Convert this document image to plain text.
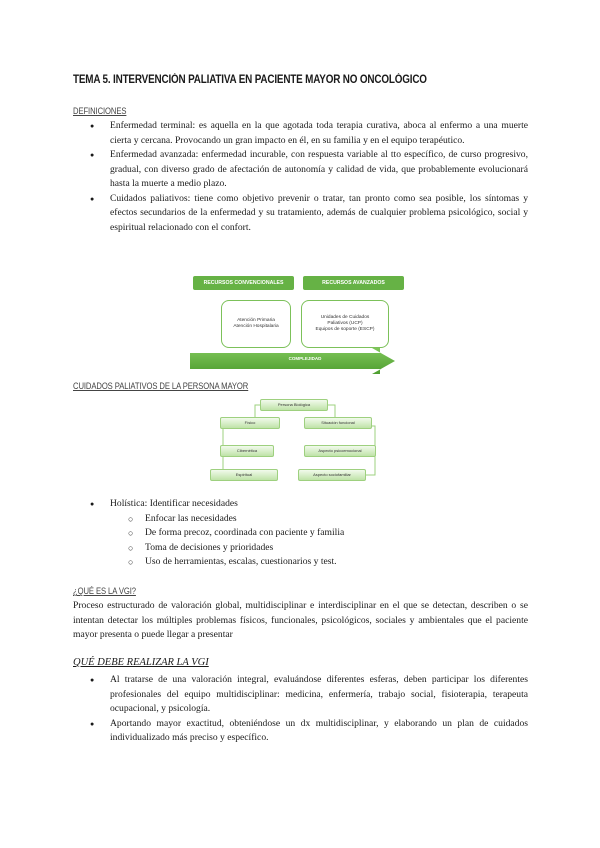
TEMA 5. INTERVENCIÓN PALIATIVA EN PACIENTE MAYOR NO ONCOLÓGICO
DEFINICIONES
● Enfermedad terminal: es aquella en la que agotada toda terapia curativa, aboca al enfermo a una muerte cierta y cercana. Provocando un gran impacto en él, en su familia y en el equipo terapéutico.
● Enfermedad avanzada: enfermedad incurable, con respuesta variable al tto específico, de curso progresivo, gradual, con diverso grado de afectación de autonomía y calidad de vida, que probablemente evolucionará hasta la muerte a medio plazo.
● Cuidados paliativos: tiene como objetivo prevenir o tratar, tan pronto como sea posible, los síntomas y efectos secundarios de la enfermedad y su tratamiento, además de cualquier problema psicológico, social y espiritual relacionado con el confort.
RECURSOS CONVENCIONALES	RECURSOS AVANZADOS
Atención Primaria
Atención Hospitalaria
Unidades de Cuidados
Paliativos (UCP)
Equipos de soporte (ESCP)
COMPLEJIDAD
CUIDADOS PALIATIVOS DE LA PERSONA MAYOR
Persona Biológica
Físico	Situación funcional
Cibernética	Aspecto psicoemocional
Espiritual	Aspecto sociofamiliar
● Holística: Identificar necesidades
○ Enfocar las necesidades
○ De forma precoz, coordinada con paciente y familia
○ Toma de decisiones y prioridades
○ Uso de herramientas, escalas, cuestionarios y test.
¿QUÉ ES LA VGI?
Proceso estructurado de valoración global, multidisciplinar e interdisciplinar en el que se detectan, describen o se intentan detectar los múltiples problemas físicos, funcionales, psicológicos, sociales y ambientales que el paciente mayor presenta o puede llegar a presentar
QUÉ DEBE REALIZAR LA VGI
● Al tratarse de una valoración integral, evaluándose diferentes esferas, deben participar los diferentes profesionales del equipo multidisciplinar: medicina, enfermería, trabajo social, fisioterapia, terapeuta ocupacional, y psicología.
● Aportando mayor exactitud, obteniéndose un dx multidisciplinar, y elaborando un plan de cuidados individualizado más preciso y específico.
